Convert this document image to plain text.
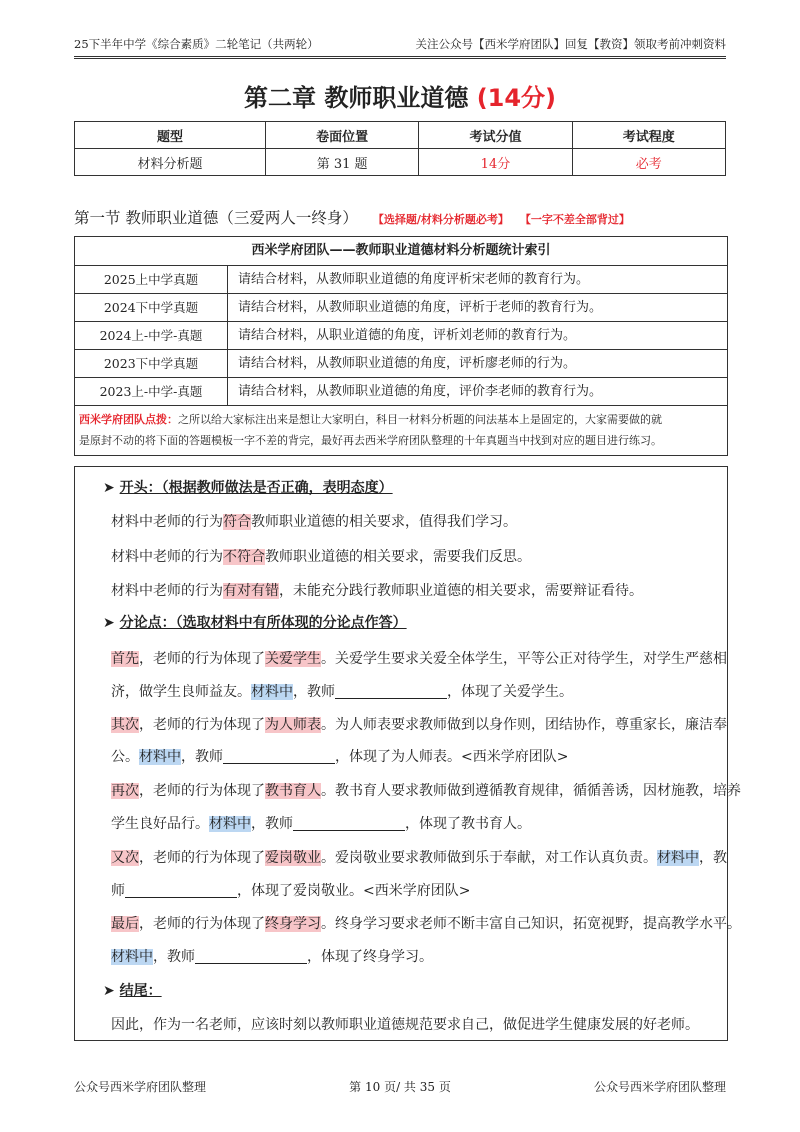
25下半年中学《综合素质》二轮笔记（共两轮）	关注公众号【西米学府团队】回复【教资】领取考前冲刺资料
第二章 教师职业道德 (14分)
题型	卷面位置	考试分值	考试程度
材料分析题	第 31 题	14分	必考
第一节 教师职业道德（三爱两人一终身） 【选择题/材料分析题必考】 【一字不差全部背过】
西米学府团队——教师职业道德材料分析题统计索引
2025上中学真题	请结合材料，从教师职业道德的角度评析宋老师的教育行为。
2024下中学真题	请结合材料，从教师职业道德的角度，评析于老师的教育行为。
2024上-中学-真题	请结合材料，从职业道德的角度，评析刘老师的教育行为。
2023下中学真题	请结合材料，从教师职业道德的角度，评析廖老师的行为。
2023上-中学-真题	请结合材料，从教师职业道德的角度，评价李老师的教育行为。
西米学府团队点拨：之所以给大家标注出来是想让大家明白，科目一材料分析题的问法基本上是固定的，大家需要做的就
是原封不动的将下面的答题模板一字不差的背完，最好再去西米学府团队整理的十年真题当中找到对应的题目进行练习。
➤ 开头：（根据教师做法是否正确，表明态度）
材料中老师的行为符合教师职业道德的相关要求，值得我们学习。
材料中老师的行为不符合教师职业道德的相关要求，需要我们反思。
材料中老师的行为有对有错，未能充分践行教师职业道德的相关要求，需要辩证看待。
➤ 分论点：（选取材料中有所体现的分论点作答）
首先，老师的行为体现了关爱学生。关爱学生要求关爱全体学生，平等公正对待学生，对学生严慈相
济，做学生良师益友。材料中，教师	，体现了关爱学生。
其次，老师的行为体现了为人师表。为人师表要求教师做到以身作则，团结协作，尊重家长，廉洁奉
公。材料中，教师	，体现了为人师表。<西米学府团队>
再次，老师的行为体现了教书育人。教书育人要求教师做到遵循教育规律，循循善诱，因材施教，培养
学生良好品行。材料中，教师	，体现了教书育人。
又次，老师的行为体现了爱岗敬业。爱岗敬业要求教师做到乐于奉献，对工作认真负责。材料中，教
师	，体现了爱岗敬业。<西米学府团队>
最后，老师的行为体现了终身学习。终身学习要求老师不断丰富自己知识，拓宽视野，提高教学水平。
材料中，教师	，体现了终身学习。
➤ 结尾：
因此，作为一名老师，应该时刻以教师职业道德规范要求自己，做促进学生健康发展的好老师。
公众号西米学府团队整理	第 10 页/ 共 35 页	公众号西米学府团队整理
